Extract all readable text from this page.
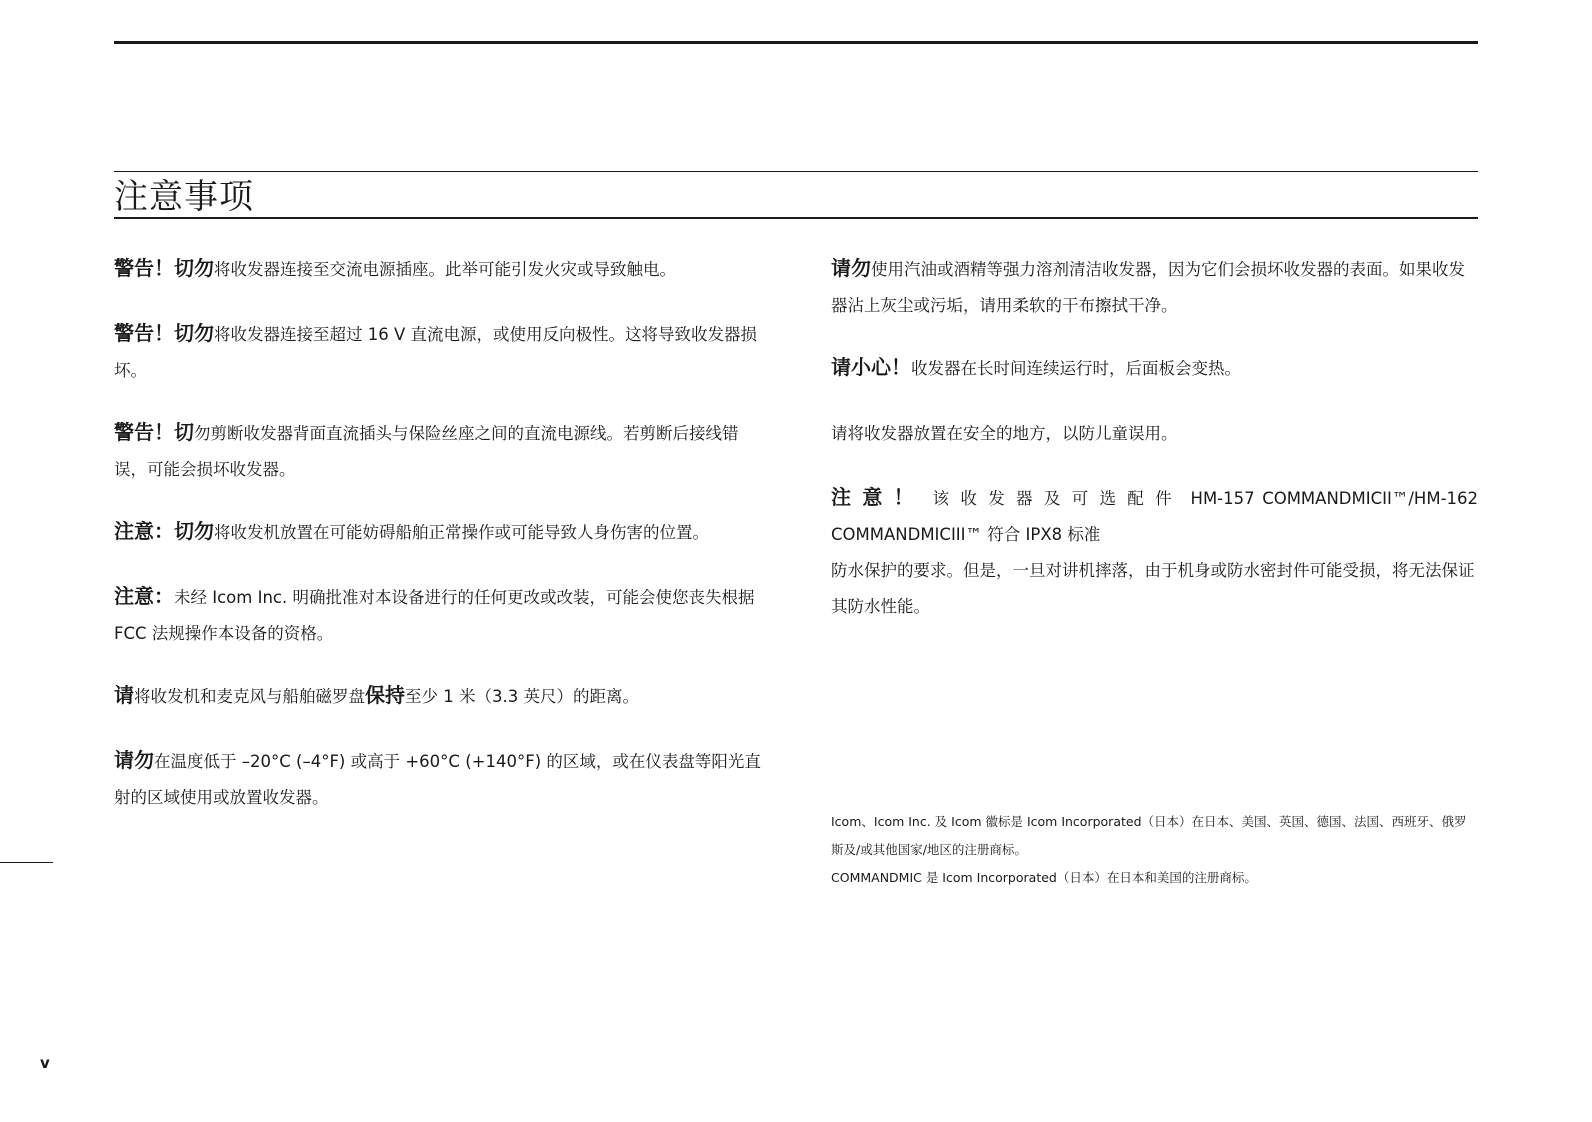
注意事项

警告！切勿将收发器连接至交流电源插座。此举可能引发火灾或导致触电。

警告！切勿将收发器连接至超过 16 V 直流电源，或使用反向极性。这将导致收发器损坏。

警告！切勿剪断收发器背面直流插头与保险丝座之间的直流电源线。若剪断后接线错误，可能会损坏收发器。

注意：切勿将收发机放置在可能妨碍船舶正常操作或可能导致人身伤害的位置。

注意：未经 Icom Inc. 明确批准对本设备进行的任何更改或改装，可能会使您丧失根据 FCC 法规操作本设备的资格。

请将收发机和麦克风与船舶磁罗盘保持至少 1 米（3.3 英尺）的距离。

请勿在温度低于 –20°C (–4°F) 或高于 +60°C (+140°F) 的区域，或在仪表盘等阳光直射的区域使用或放置收发器。

请勿使用汽油或酒精等强力溶剂清洁收发器，因为它们会损坏收发器的表面。如果收发器沾上灰尘或污垢，请用柔软的干布擦拭干净。

请小心！收发器在长时间连续运行时，后面板会变热。

请将收发器放置在安全的地方，以防儿童误用。

注意！ 该收发器及可选配件 HM-157 COMMANDMICII™/HM-162

COMMANDMICIII™ 符合 IPX8 标准

防水保护的要求。但是，一旦对讲机摔落，由于机身或防水密封件可能受损，将无法保证其防水性能。

Icom、Icom Inc. 及 Icom 徽标是 Icom Incorporated（日本）在日本、美国、英国、德国、法国、西班牙、俄罗斯及/或其他国家/地区的注册商标。

COMMANDMIC 是 Icom Incorporated（日本）在日本和美国的注册商标。

v
